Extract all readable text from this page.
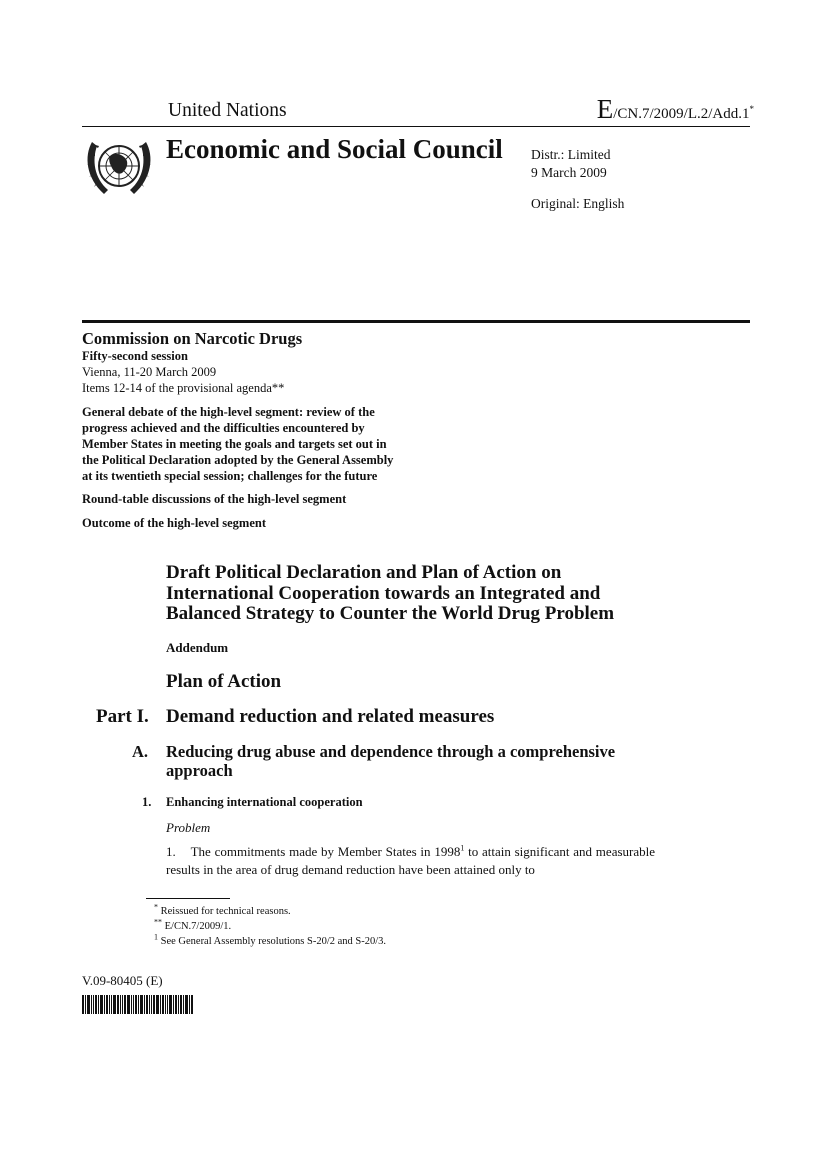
United Nations	E/CN.7/2009/L.2/Add.1*
Economic and Social Council Distr.: Limited
9 March 2009
Original: English
Commission on Narcotic Drugs
Fifty-second session
Vienna, 11-20 March 2009
Items 12-14 of the provisional agenda**
General debate of the high-level segment: review of the
progress achieved and the difficulties encountered by
Member States in meeting the goals and targets set out in
the Political Declaration adopted by the General Assembly
at its twentieth special session; challenges for the future
Round-table discussions of the high-level segment
Outcome of the high-level segment
Draft Political Declaration and Plan of Action on
International Cooperation towards an Integrated and
Balanced Strategy to Counter the World Drug Problem
Addendum
Plan of Action
Part I. Demand reduction and related measures
A. Reducing drug abuse and dependence through a comprehensive
approach
1. Enhancing international cooperation
Problem
1.    The commitments made by Member States in 1998$^1$ to attain significant and measurable results in the area of drug demand reduction have been attained only to
* Reissued for technical reasons.
** E/CN.7/2009/1.
$^1$ See General Assembly resolutions S-20/2 and S-20/3.
V.09-80405 (E)
